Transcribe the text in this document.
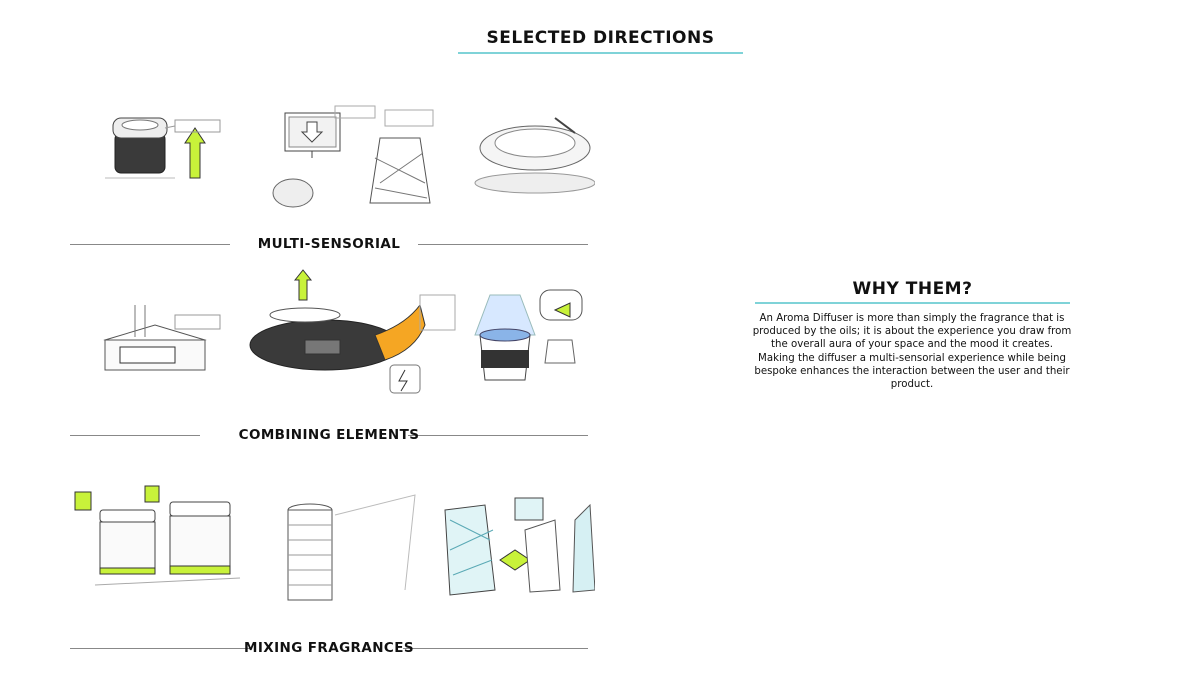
SELECTED DIRECTIONS
MULTI-SENSORIAL
COMBINING ELEMENTS
MIXING FRAGRANCES
WHY THEM?
An Aroma Diffuser is more than simply the fragrance that is produced by the oils; it is about the experience you draw from the overall aura of your space and the mood it creates. Making the diffuser a multi-sensorial experience while being bespoke enhances the interaction between the user and their product.
